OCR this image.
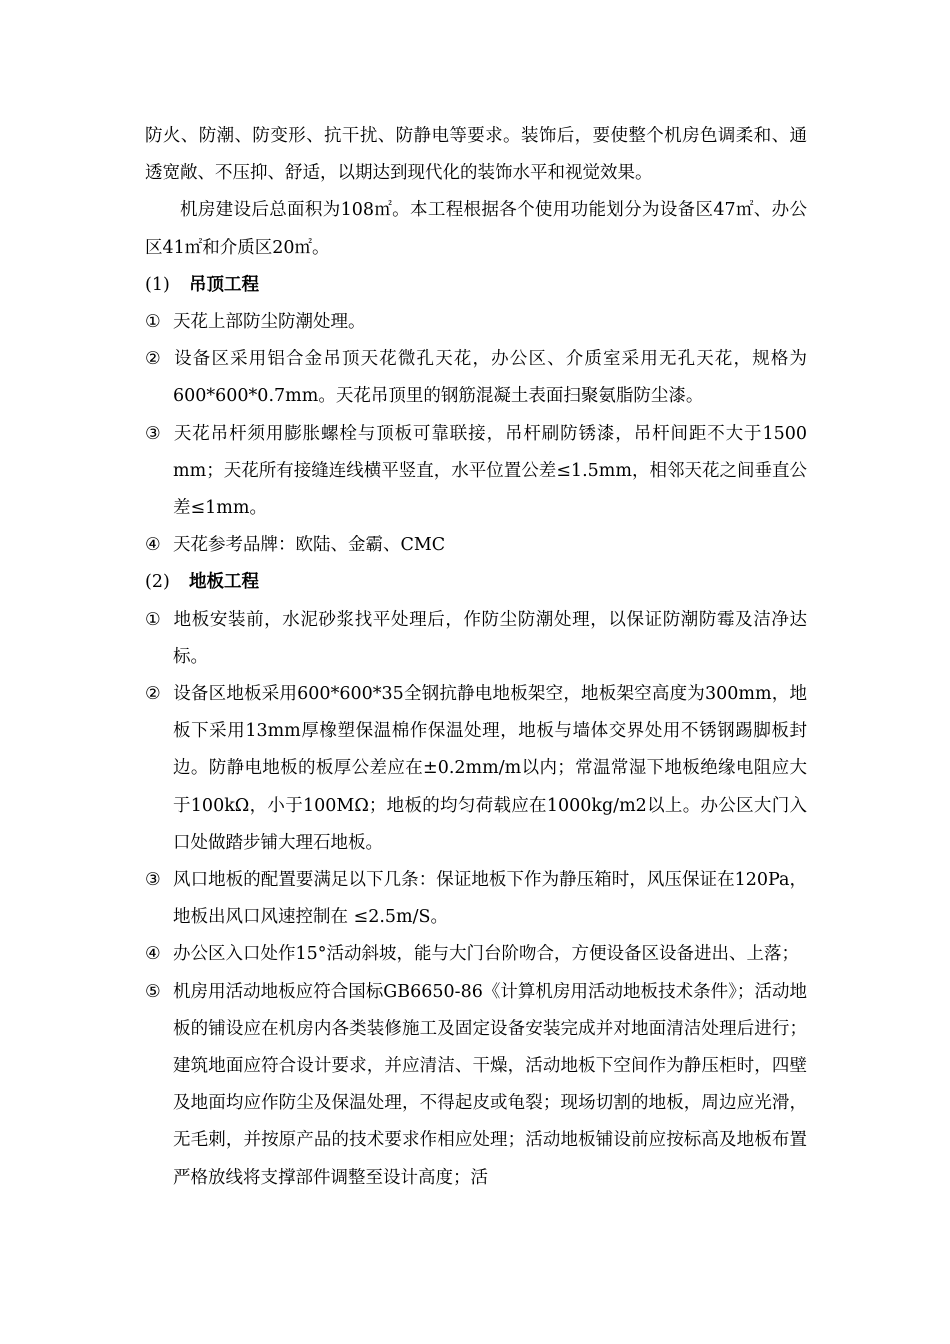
防火、防潮、防变形、抗干扰、防静电等要求。装饰后，要使整个机房色调柔和、通透宽敞、不压抑、舒适，以期达到现代化的装饰水平和视觉效果。

机房建设后总面积为108㎡。本工程根据各个使用功能划分为设备区47㎡、办公区41㎡和介质区20㎡。

(1) 吊顶工程

① 天花上部防尘防潮处理。

② 设备区采用铝合金吊顶天花微孔天花，办公区、介质室采用无孔天花，规格为600*600*0.7mm。天花吊顶里的钢筋混凝土表面扫聚氨脂防尘漆。

③ 天花吊杆须用膨胀螺栓与顶板可靠联接，吊杆刷防锈漆，吊杆间距不大于1500 mm；天花所有接缝连线横平竖直，水平位置公差≤1.5mm，相邻天花之间垂直公差≤1mm。

④ 天花参考品牌：欧陆、金霸、CMC

(2) 地板工程

① 地板安装前，水泥砂浆找平处理后，作防尘防潮处理，以保证防潮防霉及洁净达标。

② 设备区地板采用600*600*35全钢抗静电地板架空，地板架空高度为300mm，地板下采用13mm厚橡塑保温棉作保温处理，地板与墙体交界处用不锈钢踢脚板封边。防静电地板的板厚公差应在±0.2mm/m以内；常温常湿下地板绝缘电阻应大于100kΩ，小于100MΩ；地板的均匀荷载应在1000kg/m2以上。办公区大门入口处做踏步铺大理石地板。

③ 风口地板的配置要满足以下几条：保证地板下作为静压箱时，风压保证在120Pa，地板出风口风速控制在 ≤2.5m/S。

④ 办公区入口处作15°活动斜坡，能与大门台阶吻合，方便设备区设备进出、上落；

⑤ 机房用活动地板应符合国标GB6650-86《计算机房用活动地板技术条件》；活动地板的铺设应在机房内各类装修施工及固定设备安装完成并对地面清洁处理后进行；建筑地面应符合设计要求，并应清洁、干燥，活动地板下空间作为静压柜时，四壁及地面均应作防尘及保温处理，不得起皮或龟裂；现场切割的地板，周边应光滑，无毛刺，并按原产品的技术要求作相应处理；活动地板铺设前应按标高及地板布置严格放线将支撑部件调整至设计高度；活
